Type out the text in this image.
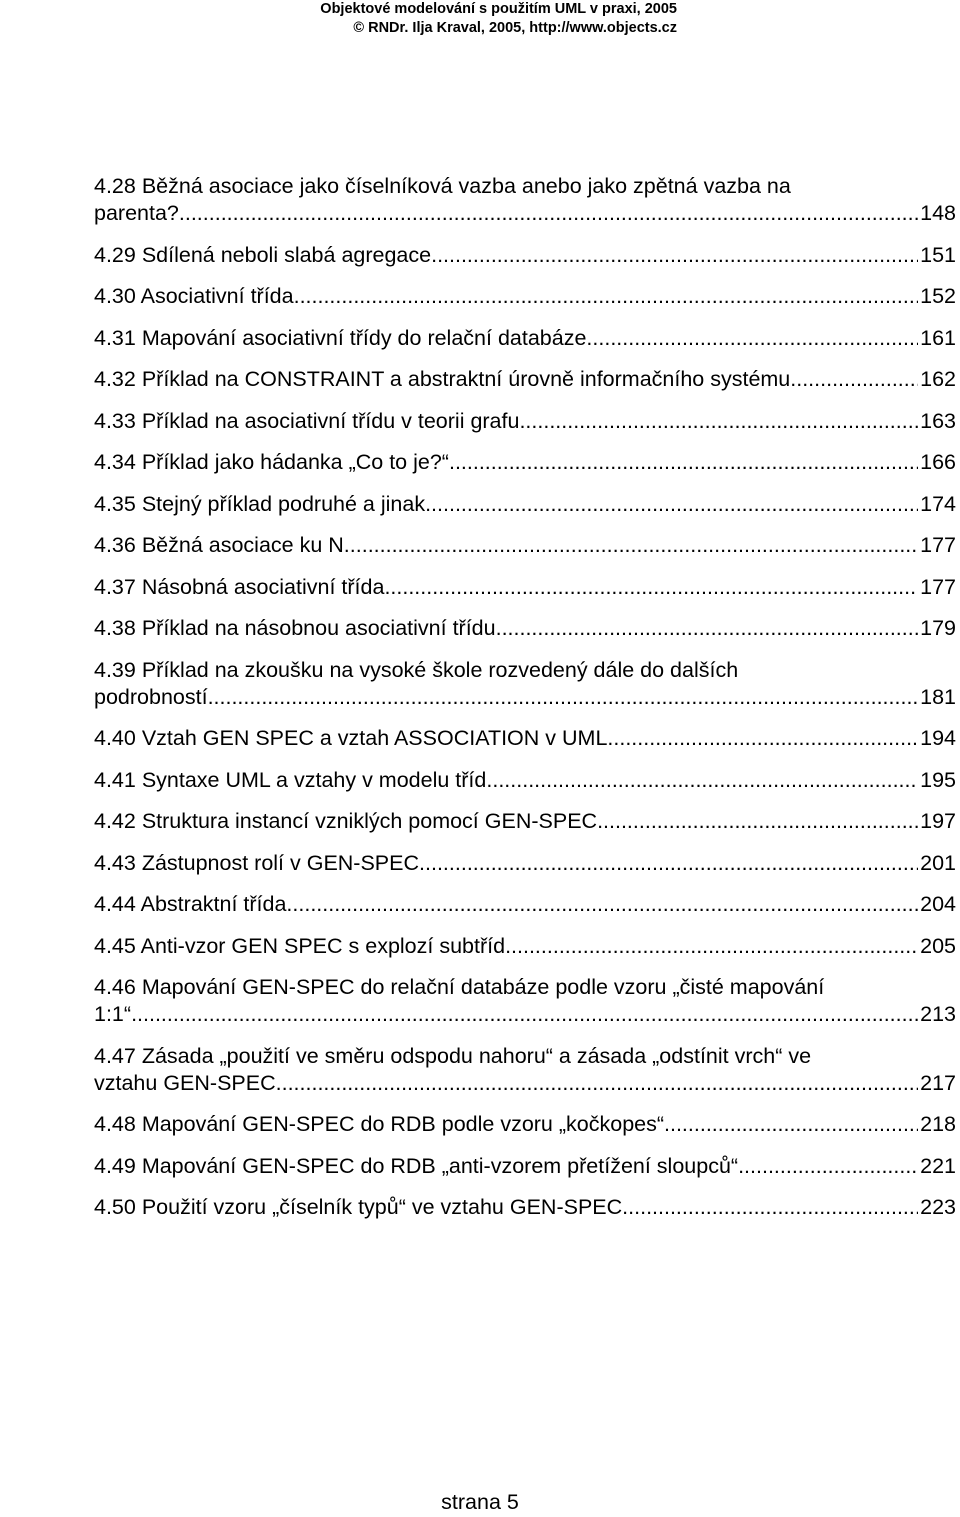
Objektové modelování s použitím UML v praxi, 2005
© RNDr. Ilja Kraval, 2005, http://www.objects.cz
4.28 Běžná asociace jako číselníková vazba anebo jako zpětná vazba na
parenta? .....	148
4.29 Sdílená neboli slabá agregace .....	151
4.30 Asociativní třída .....	152
4.31 Mapování asociativní třídy do relační databáze .....	161
4.32 Příklad na CONSTRAINT a abstraktní úrovně informačního systému .....	162
4.33 Příklad na asociativní třídu v teorii grafu .....	163
4.34 Příklad jako hádanka „Co to je?“ .....	166
4.35 Stejný příklad podruhé a jinak .....	174
4.36 Běžná asociace ku N .....	177
4.37 Násobná asociativní třída .....	177
4.38 Příklad na násobnou asociativní třídu .....	179
4.39 Příklad na zkoušku na vysoké škole rozvedený dále do dalších
podrobností .....	181
4.40 Vztah GEN SPEC a vztah ASSOCIATION v UML .....	194
4.41 Syntaxe UML a vztahy v modelu tříd .....	195
4.42 Struktura instancí vzniklých pomocí GEN-SPEC .....	197
4.43 Zástupnost rolí v GEN-SPEC .....	201
4.44 Abstraktní třída .....	204
4.45 Anti-vzor GEN SPEC s explozí subtříd .....	205
4.46 Mapování GEN-SPEC do relační databáze podle vzoru „čisté mapování
1:1“ .....	213
4.47 Zásada „použití ve směru odspodu nahoru“ a zásada „odstínit vrch“ ve
vztahu GEN-SPEC .....	217
4.48 Mapování GEN-SPEC do RDB podle vzoru „kočkopes“ .....	218
4.49 Mapování GEN-SPEC do RDB „anti-vzorem přetížení sloupců“ .....	221
4.50 Použití vzoru „číselník typů“ ve vztahu GEN-SPEC .....	223
strana 5
